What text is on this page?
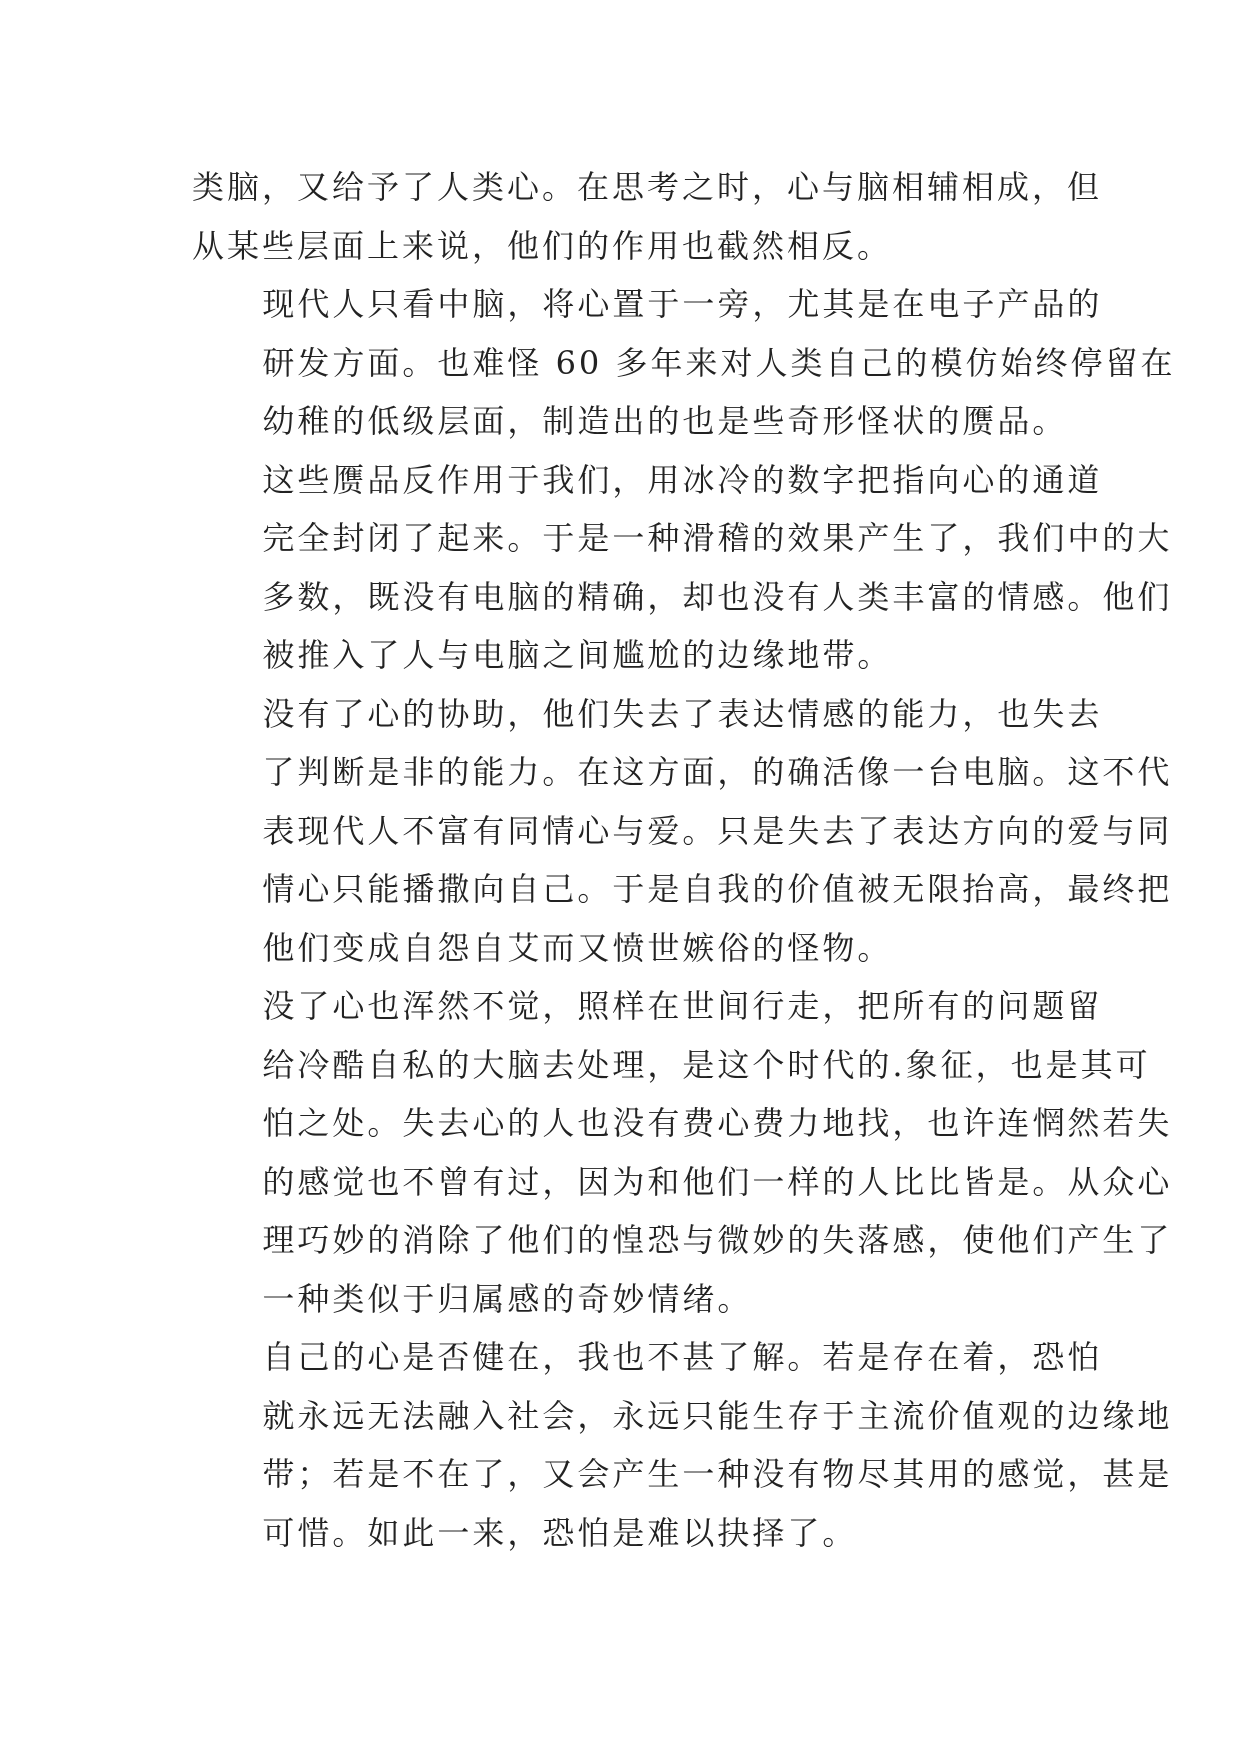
类脑，又给予了人类心。在思考之时，心与脑相辅相成，但
从某些层面上来说，他们的作用也截然相反。

现代人只看中脑，将心置于一旁，尤其是在电子产品的
研发方面。也难怪 60 多年来对人类自己的模仿始终停留在
幼稚的低级层面，制造出的也是些奇形怪状的赝品。

这些赝品反作用于我们，用冰冷的数字把指向心的通道
完全封闭了起来。于是一种滑稽的效果产生了，我们中的大
多数，既没有电脑的精确，却也没有人类丰富的情感。他们
被推入了人与电脑之间尴尬的边缘地带。

没有了心的协助，他们失去了表达情感的能力，也失去
了判断是非的能力。在这方面，的确活像一台电脑。这不代
表现代人不富有同情心与爱。只是失去了表达方向的爱与同
情心只能播撒向自己。于是自我的价值被无限抬高，最终把
他们变成自怨自艾而又愤世嫉俗的怪物。

没了心也浑然不觉，照样在世间行走，把所有的问题留
给冷酷自私的大脑去处理，是这个时代的.象征，也是其可
怕之处。失去心的人也没有费心费力地找，也许连惘然若失
的感觉也不曾有过，因为和他们一样的人比比皆是。从众心
理巧妙的消除了他们的惶恐与微妙的失落感，使他们产生了
一种类似于归属感的奇妙情绪。

自己的心是否健在，我也不甚了解。若是存在着，恐怕
就永远无法融入社会，永远只能生存于主流价值观的边缘地
带；若是不在了，又会产生一种没有物尽其用的感觉，甚是
可惜。如此一来，恐怕是难以抉择了。
